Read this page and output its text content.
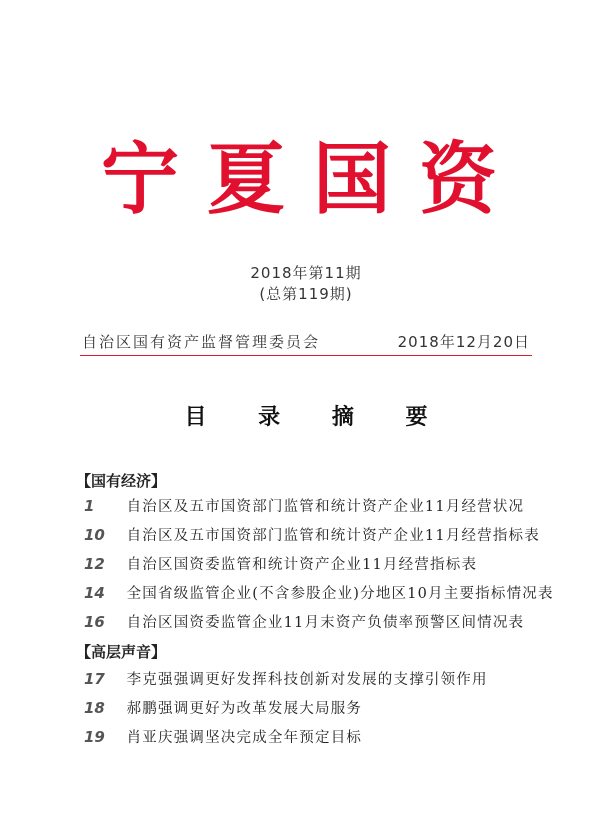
宁夏国资
2018年第11期
(总第119期)
自治区国有资产监督管理委员会	2018年12月20日
目 录 摘 要
【国有经济】
1 自治区及五市国资部门监管和统计资产企业11月经营状况
10 自治区及五市国资部门监管和统计资产企业11月经营指标表
12 自治区国资委监管和统计资产企业11月经营指标表
14 全国省级监管企业(不含参股企业)分地区10月主要指标情况表
16 自治区国资委监管企业11月末资产负债率预警区间情况表
【高层声音】
17 李克强强调更好发挥科技创新对发展的支撑引领作用
18 郝鹏强调更好为改革发展大局服务
19 肖亚庆强调坚决完成全年预定目标
